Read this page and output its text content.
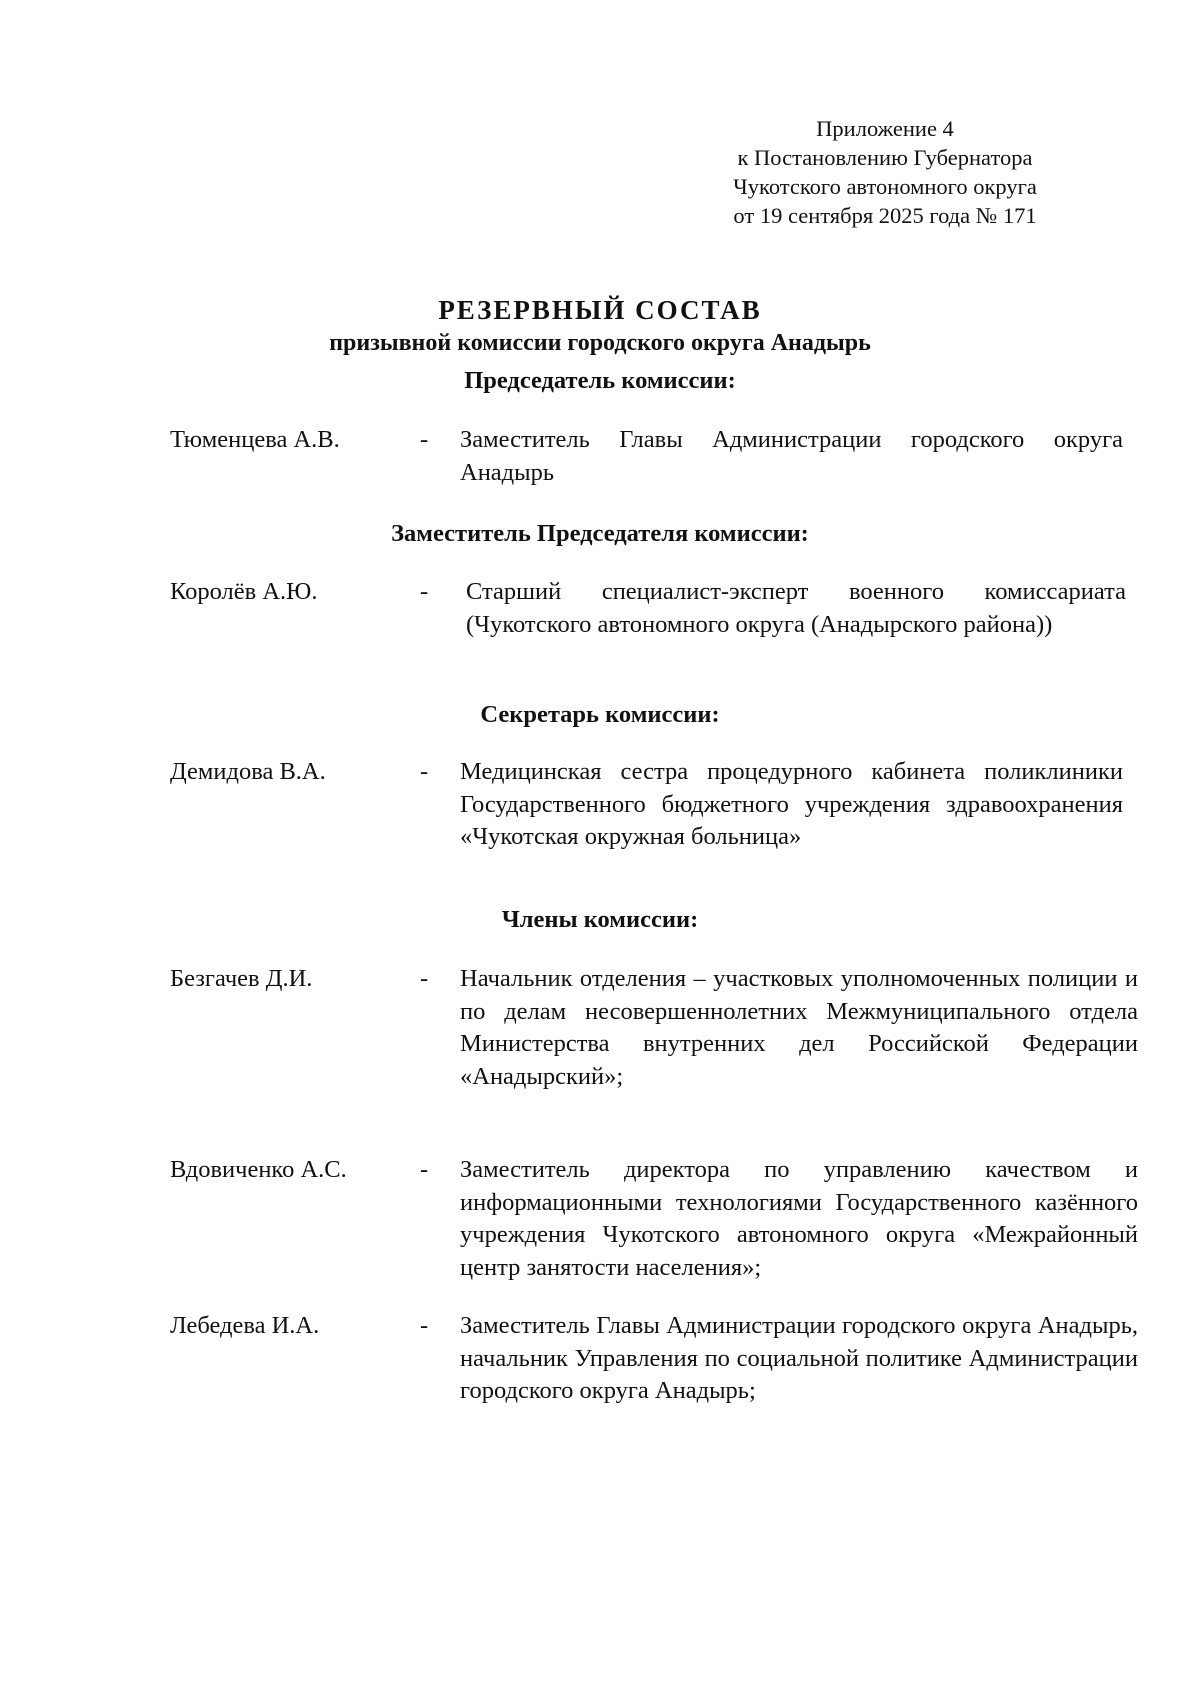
Приложение 4
к Постановлению Губернатора
Чукотского автономного округа
от 19 сентября 2025 года № 171
РЕЗЕРВНЫЙ СОСТАВ
призывной комиссии городского округа Анадырь
Председатель комиссии:
Тюменцева А.В.	- Заместитель Главы Администрации городского округа Анадырь
Заместитель Председателя комиссии:
Королёв А.Ю.	- Старший специалист-эксперт военного комиссариата (Чукотского автономного округа (Анадырского района))
Секретарь комиссии:
Демидова В.А.	- Медицинская сестра процедурного кабинета поликлиники Государственного бюджетного учреждения здравоохранения «Чукотская окружная больница»
Члены комиссии:
Безгачев Д.И.	- Начальник отделения – участковых уполномоченных полиции и по делам несовершеннолетних Межмуниципального отдела Министерства внутренних дел Российской Федерации «Анадырский»;
Вдовиченко А.С.	- Заместитель директора по управлению качеством и информационными технологиями Государственного казённого учреждения Чукотского автономного округа «Межрайонный центр занятости населения»;
Лебедева И.А.	- Заместитель Главы Администрации городского округа Анадырь, начальник Управления по социальной политике Администрации городского округа Анадырь;
